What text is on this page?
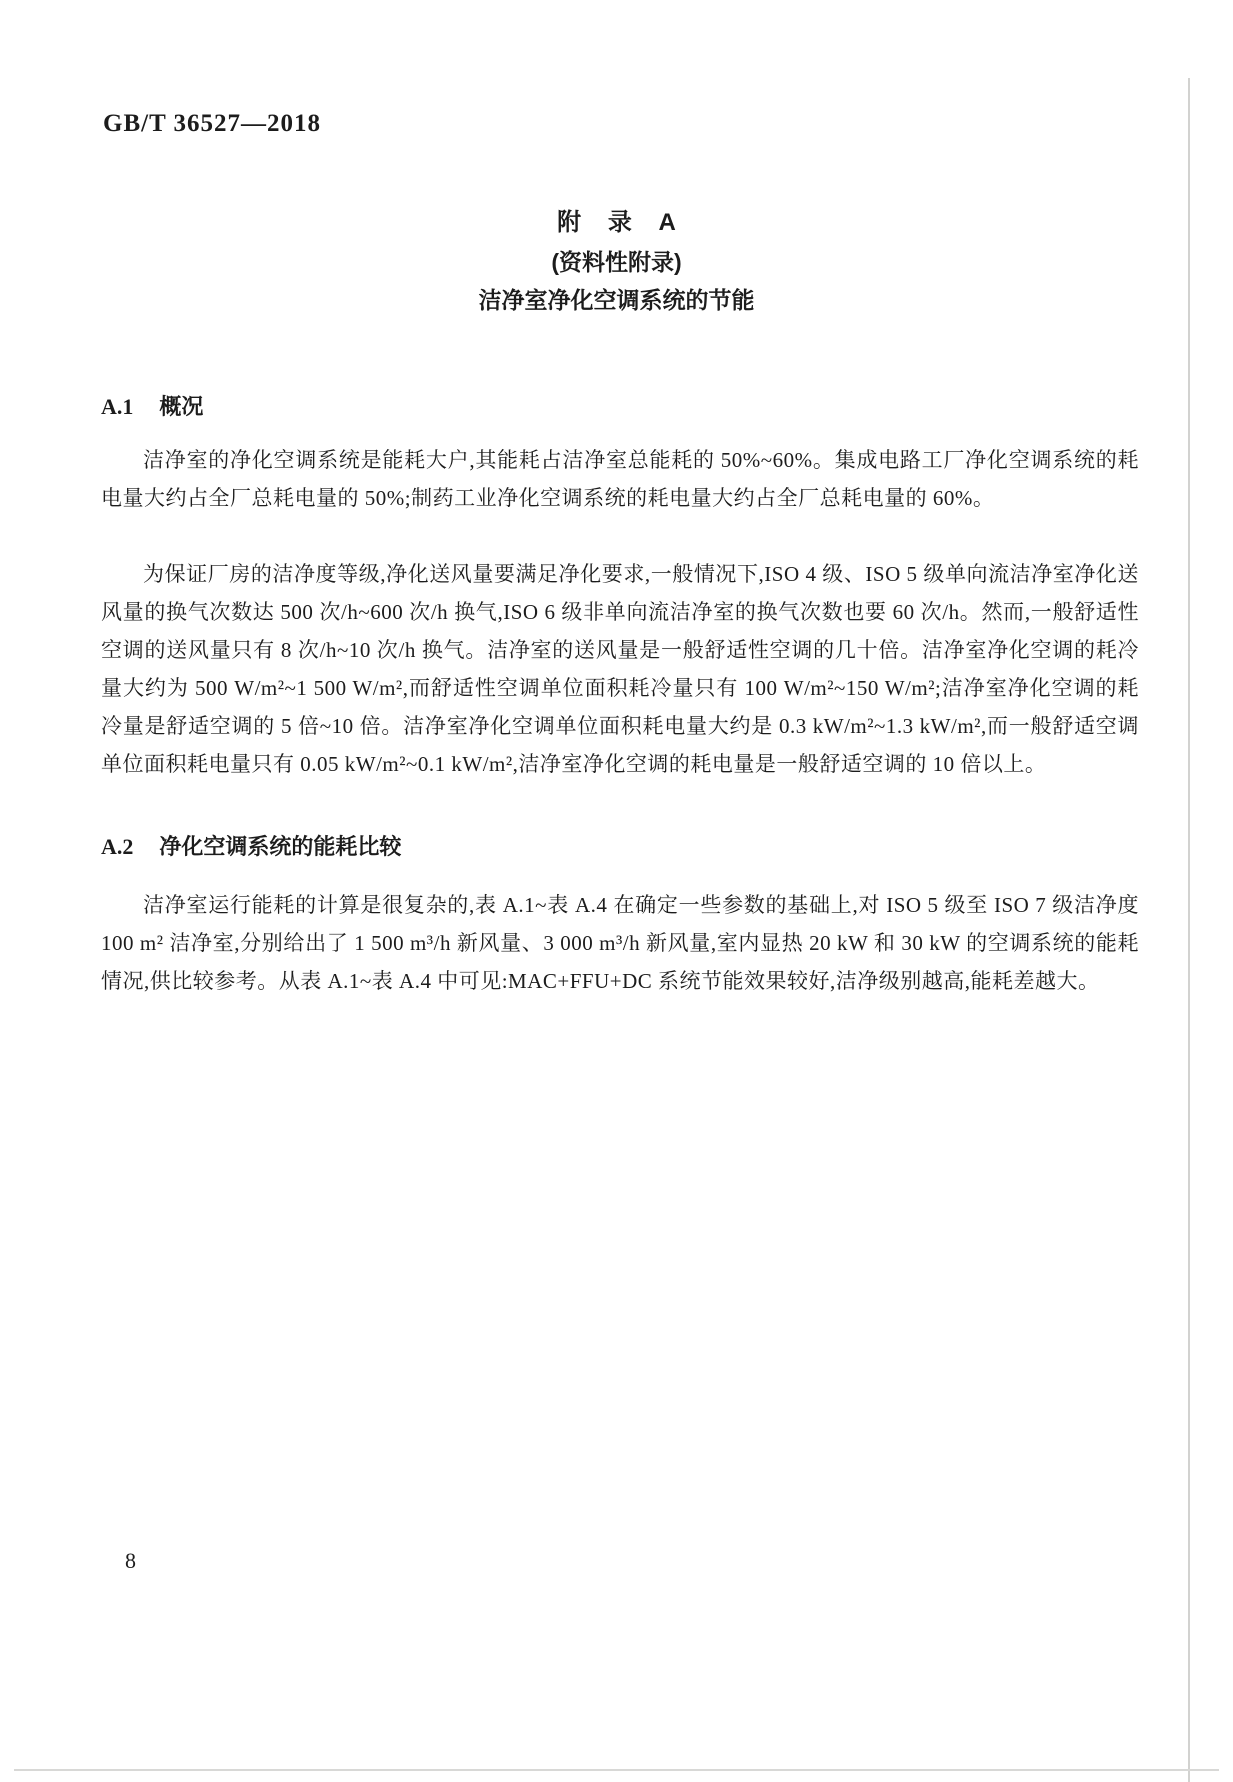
GB/T 36527—2018
附 录 A
(资料性附录)
洁净室净化空调系统的节能
A.1 概况

洁净室的净化空调系统是能耗大户,其能耗占洁净室总能耗的 50%~60%。集成电路工厂净化空调系统的耗电量大约占全厂总耗电量的 50%;制药工业净化空调系统的耗电量大约占全厂总耗电量的 60%。

为保证厂房的洁净度等级,净化送风量要满足净化要求,一般情况下,ISO 4 级、ISO 5 级单向流洁净室净化送风量的换气次数达 500 次/h~600 次/h 换气,ISO 6 级非单向流洁净室的换气次数也要 60 次/h。然而,一般舒适性空调的送风量只有 8 次/h~10 次/h 换气。洁净室的送风量是一般舒适性空调的几十倍。洁净室净化空调的耗冷量大约为 500 W/m²~1 500 W/m²,而舒适性空调单位面积耗冷量只有 100 W/m²~150 W/m²;洁净室净化空调的耗冷量是舒适空调的 5 倍~10 倍。洁净室净化空调单位面积耗电量大约是 0.3 kW/m²~1.3 kW/m²,而一般舒适空调单位面积耗电量只有 0.05 kW/m²~0.1 kW/m²,洁净室净化空调的耗电量是一般舒适空调的 10 倍以上。

A.2 净化空调系统的能耗比较

洁净室运行能耗的计算是很复杂的,表 A.1~表 A.4 在确定一些参数的基础上,对 ISO 5 级至 ISO 7 级洁净度 100 m² 洁净室,分别给出了 1 500 m³/h 新风量、3 000 m³/h 新风量,室内显热 20 kW 和 30 kW 的空调系统的能耗情况,供比较参考。从表 A.1~表 A.4 中可见:MAC+FFU+DC 系统节能效果较好,洁净级别越高,能耗差越大。

8
